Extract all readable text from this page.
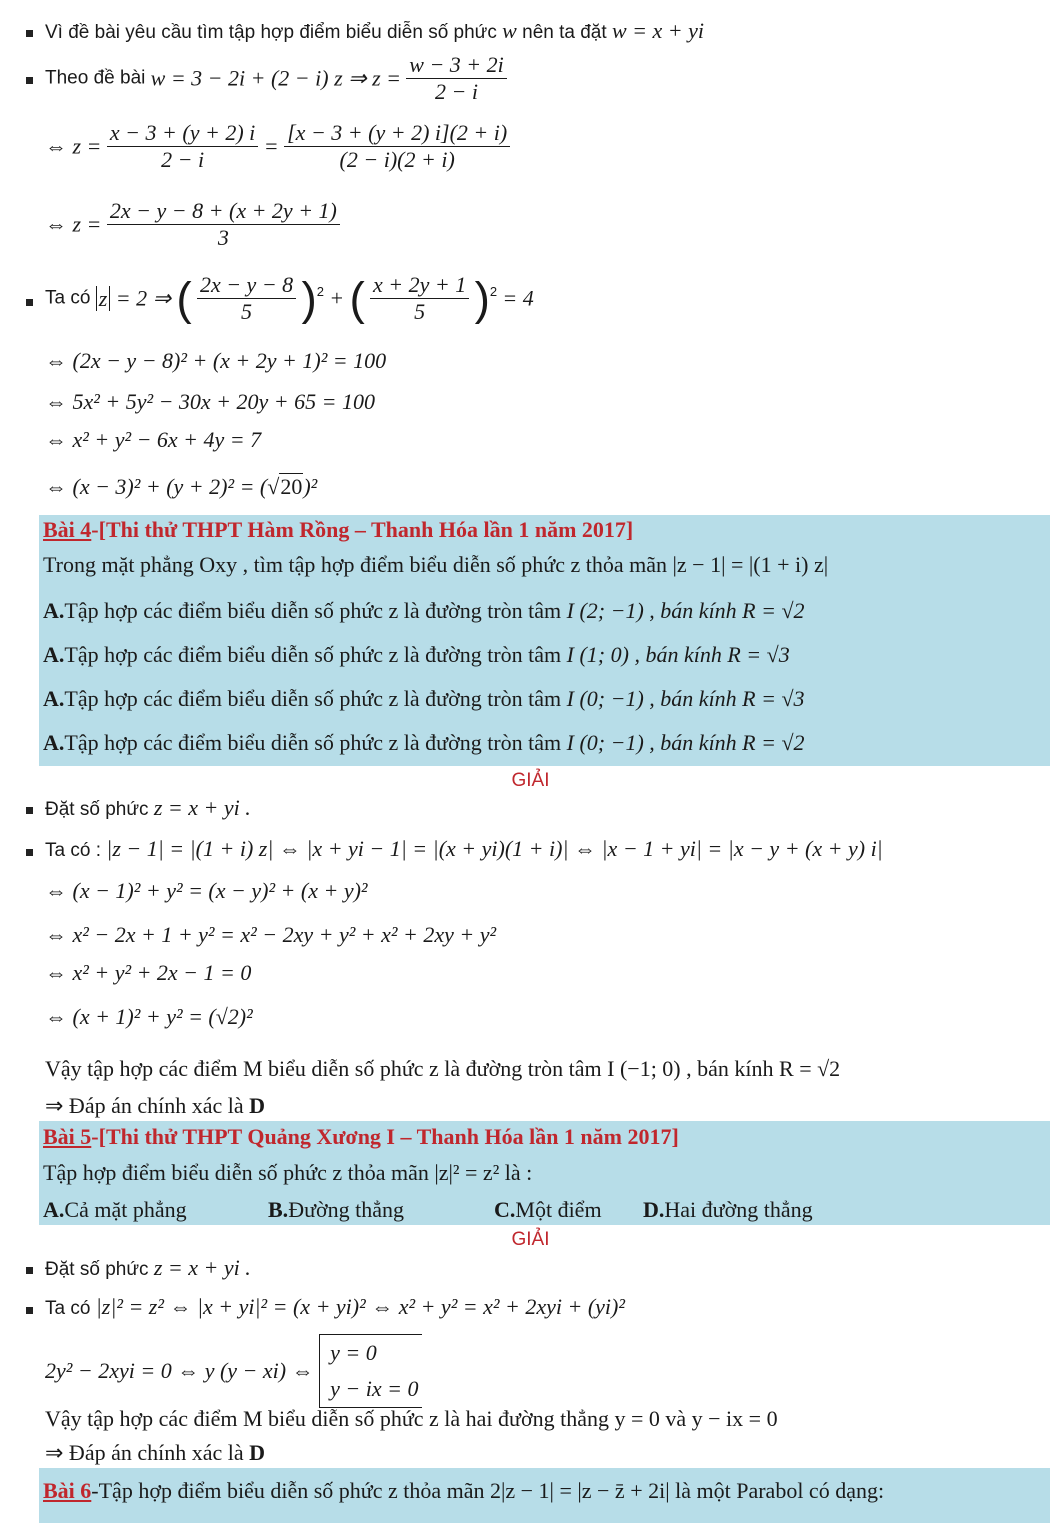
Vì đề bài yêu cầu tìm tập hợp điểm biểu diễn số phức w nên ta đặt w = x + yi
Theo đề bài w = 3 − 2i + (2 − i) z ⇒ $z = \frac{w - 3 + 2i}{2 - i}$
⇔ $z = \frac{x - 3 + (y + 2) i}{2 - i} = \frac{[x - 3 + (y + 2) i](2 + i)}{(2 - i)(2 + i)}$
⇔ $z = \frac{2x - y - 8 + (x + 2y + 1)}{3}$
Ta có z = 2 ⇒ ( $\frac{2x - y - 8}{5} )^2$ + ( $\frac{x + 2y + 1}{5} )^2 = 4$
⇔ (2x − y − 8)² + (x + 2y + 1)² = 100
⇔ 5x² + 5y² − 30x + 20y + 65 = 100
⇔ x² + y² − 6x + 4y = 7
⇔ (x − 3)² + (y + 2)² = (√20)²
Bài 4-[Thi thử THPT Hàm Rồng – Thanh Hóa lần 1 năm 2017]
Trong mặt phẳng Oxy , tìm tập hợp điểm biểu diễn số phức z thỏa mãn |z − 1| = |(1 + i) z|
A.Tập hợp các điểm biểu diễn số phức z là đường tròn tâm I (2; −1) , bán kính R = √2
A.Tập hợp các điểm biểu diễn số phức z là đường tròn tâm I (1; 0) , bán kính R = √3
A.Tập hợp các điểm biểu diễn số phức z là đường tròn tâm I (0; −1) , bán kính R = √3
A.Tập hợp các điểm biểu diễn số phức z là đường tròn tâm I (0; −1) , bán kính R = √2
GIẢI
Đặt số phức z = x + yi .
Ta có : |z − 1| = |(1 + i) z| ⇔ |x + yi − 1| = |(x + yi)(1 + i)| ⇔ |x − 1 + yi| = |x − y + (x + y) i|
⇔ (x − 1)² + y² = (x − y)² + (x + y)²
⇔ x² − 2x + 1 + y² = x² − 2xy + y² + x² + 2xy + y²
⇔ x² + y² + 2x − 1 = 0
⇔ (x + 1)² + y² = (√2)²
Vậy tập hợp các điểm M biểu diễn số phức z là đường tròn tâm I (−1; 0) , bán kính R = √2
⇒ Đáp án chính xác là D
Bài 5-[Thi thử THPT Quảng Xương I – Thanh Hóa lần 1 năm 2017]
Tập hợp điểm biểu diễn số phức z thỏa mãn |z|² = z² là :
A.Cả mặt phẳng	B.Đường thẳng	C.Một điểm D.Hai đường thẳng
GIẢI
Đặt số phức z = x + yi .
Ta có |z|² = z² ⇔ |x + yi|² = (x + yi)² ⇔ x² + y² = x² + 2xyi + (yi)²
2y² − 2xyi = 0 ⇔ y (y − xi) ⇔
y = 0
y − ix = 0
Vậy tập hợp các điểm M biểu diễn số phức z là hai đường thẳng y = 0 và y − ix = 0
⇒ Đáp án chính xác là D
Bài 6-Tập hợp điểm biểu diễn số phức z thỏa mãn 2|z − 1| = |z − z̄ + 2i| là một Parabol có dạng:
